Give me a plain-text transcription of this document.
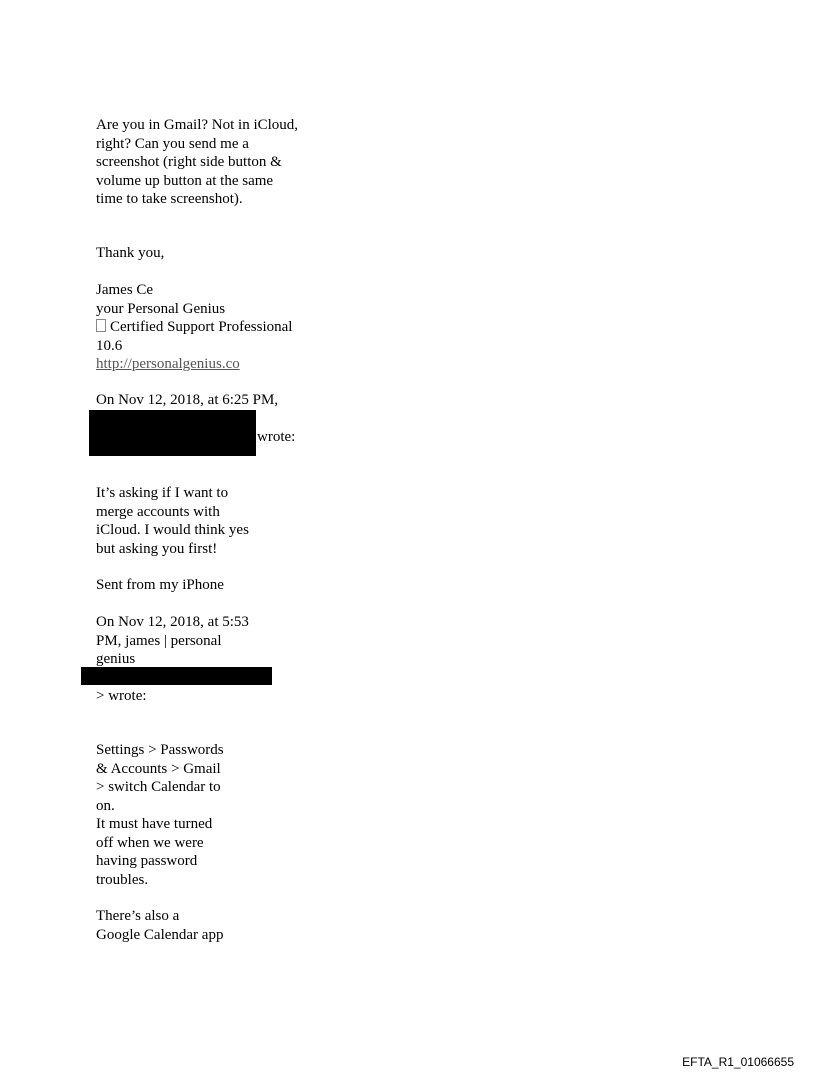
Are you in Gmail? Not in iCloud,
right? Can you send me a
screenshot (right side button &
volume up button at the same
time to take screenshot).
Thank you,
James Ce
your Personal Genius
Certified Support Professional
10.6
http://personalgenius.co
On Nov 12, 2018, at 6:25 PM,
wrote:
It’s asking if I want to
merge accounts with
iCloud. I would think yes
but asking you first!
Sent from my iPhone
On Nov 12, 2018, at 5:53
PM, james | personal
genius
> wrote:
Settings > Passwords
& Accounts > Gmail
> switch Calendar to
on.
It must have turned
off when we were
having password
troubles.
There’s also a
Google Calendar app
EFTA_R1_01066655
